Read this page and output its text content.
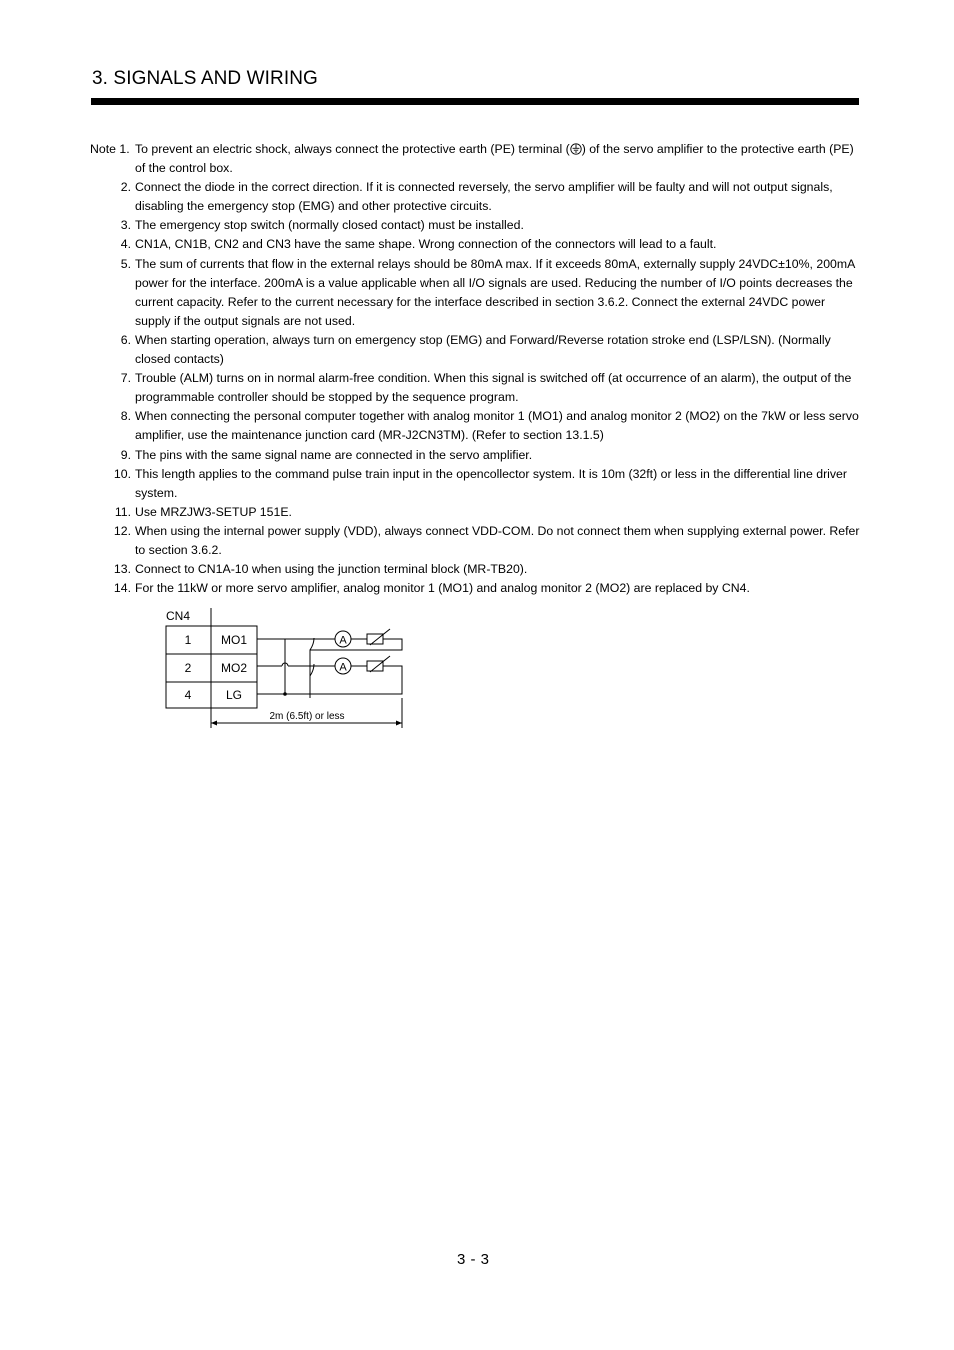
3. SIGNALS AND WIRING
Note 1. To prevent an electric shock, always connect the protective earth (PE) terminal ( ) of the servo amplifier to the protective earth (PE) of the control box.
2. Connect the diode in the correct direction. If it is connected reversely, the servo amplifier will be faulty and will not output signals, disabling the emergency stop (EMG) and other protective circuits.
3. The emergency stop switch (normally closed contact) must be installed.
4. CN1A, CN1B, CN2 and CN3 have the same shape. Wrong connection of the connectors will lead to a fault.
5. The sum of currents that flow in the external relays should be 80mA max. If it exceeds 80mA, externally supply 24VDC±10%, 200mA power for the interface. 200mA is a value applicable when all I/O signals are used. Reducing the number of I/O points decreases the current capacity. Refer to the current necessary for the interface described in section 3.6.2. Connect the external 24VDC power supply if the output signals are not used.
6. When starting operation, always turn on emergency stop (EMG) and Forward/Reverse rotation stroke end (LSP/LSN). (Normally closed contacts)
7. Trouble (ALM) turns on in normal alarm-free condition. When this signal is switched off (at occurrence of an alarm), the output of the programmable controller should be stopped by the sequence program.
8. When connecting the personal computer together with analog monitor 1 (MO1) and analog monitor 2 (MO2) on the 7kW or less servo amplifier, use the maintenance junction card (MR-J2CN3TM). (Refer to section 13.1.5)
9. The pins with the same signal name are connected in the servo amplifier.
10. This length applies to the command pulse train input in the opencollector system. It is 10m (32ft) or less in the differential line driver system.
11. Use MRZJW3-SETUP 151E.
12. When using the internal power supply (VDD), always connect VDD-COM. Do not connect them when supplying external power. Refer to section 3.6.2.
13. Connect to CN1A-10 when using the junction terminal block (MR-TB20).
14. For the 11kW or more servo amplifier, analog monitor 1 (MO1) and analog monitor 2 (MO2) are replaced by CN4.
CN4
1 MO1
2 MO2
4	LG
A
A
2m (6.5ft) or less
3 - 3
